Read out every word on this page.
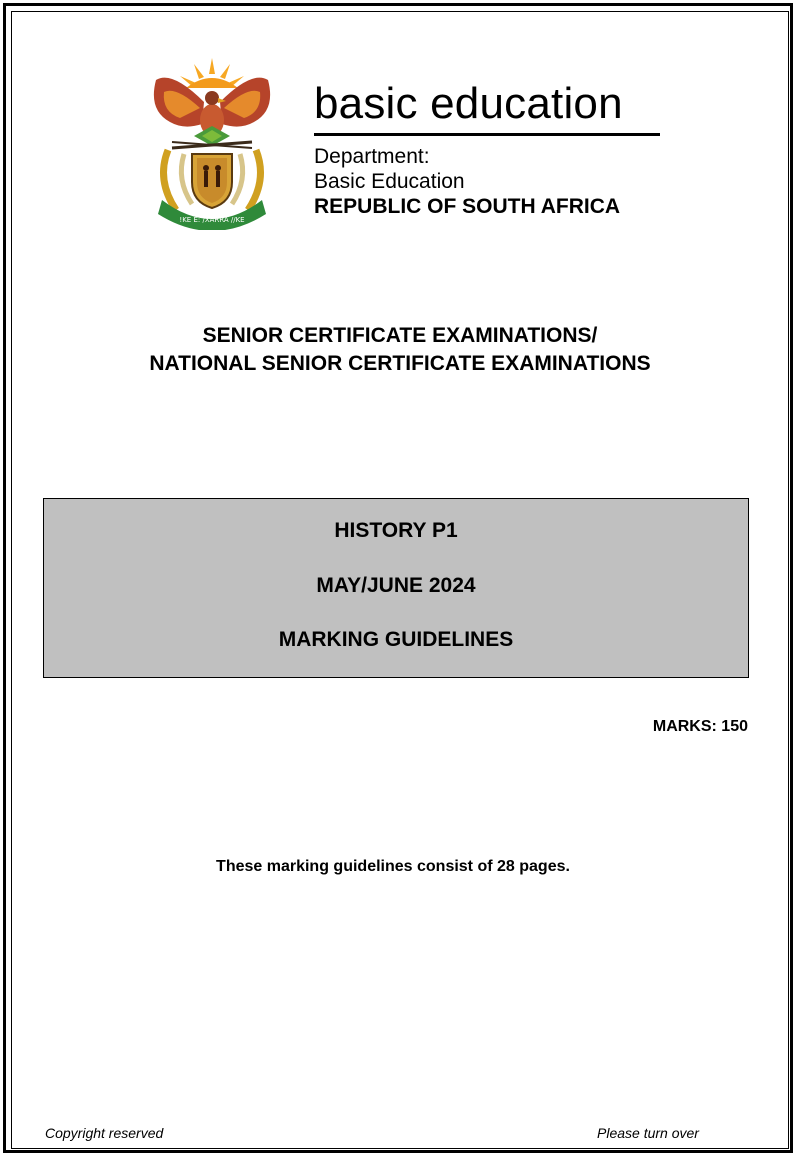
!KE E: /XARRA //KE

basic education

Department:

Basic Education

REPUBLIC OF SOUTH AFRICA

SENIOR CERTIFICATE EXAMINATIONS/
NATIONAL SENIOR CERTIFICATE EXAMINATIONS
HISTORY P1
MAY/JUNE 2024
MARKING GUIDELINES
MARKS: 150
These marking guidelines consist of 28 pages.
Copyright reserved	Please turn over
